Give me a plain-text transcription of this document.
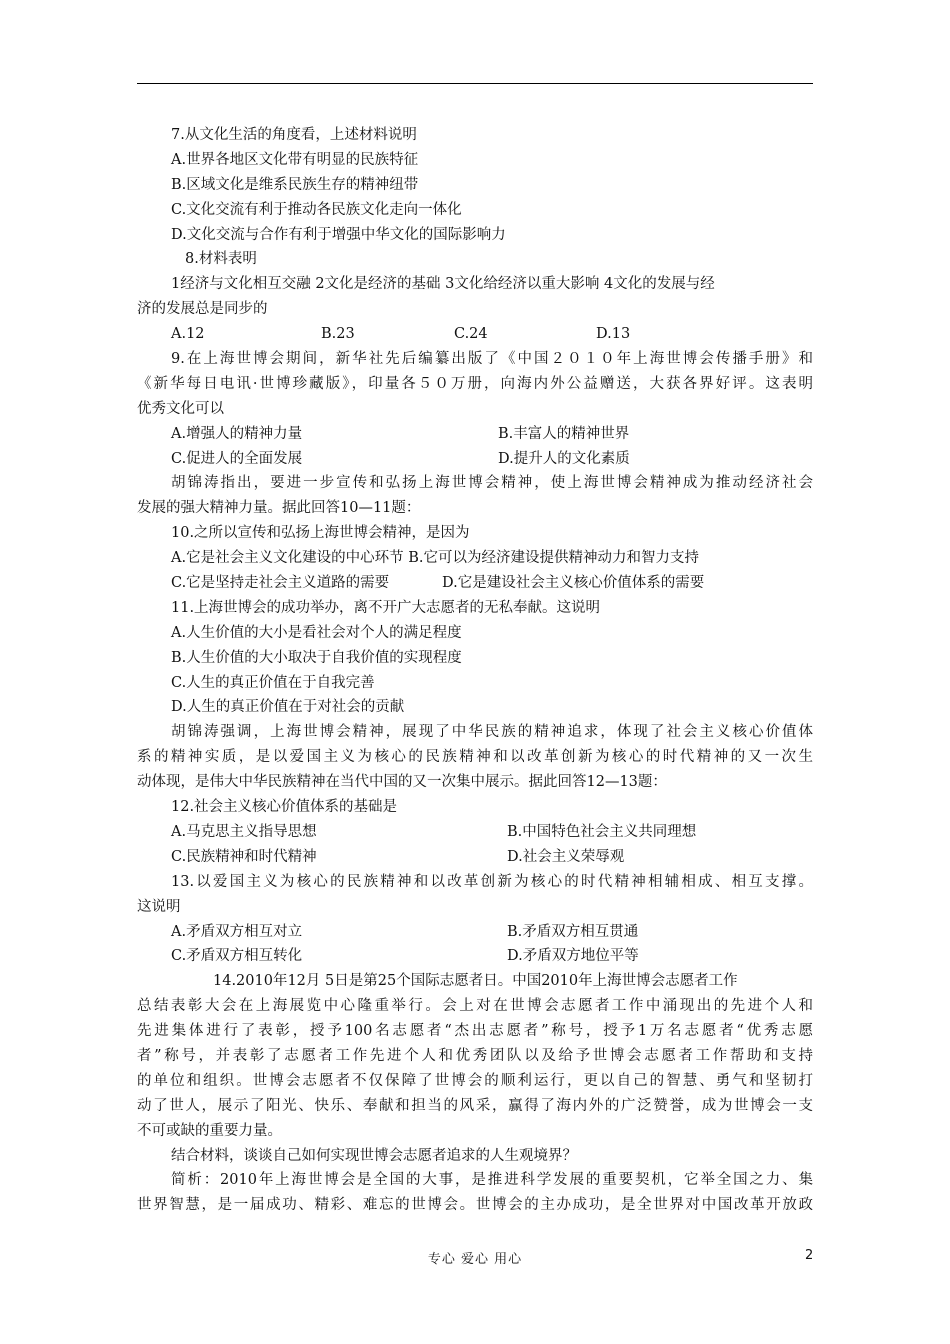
7.从文化生活的角度看，上述材料说明
A.世界各地区文化带有明显的民族特征
B.区域文化是维系民族生存的精神纽带
C.文化交流有利于推动各民族文化走向一体化
D.文化交流与合作有利于增强中华文化的国际影响力
8.材料表明
1经济与文化相互交融 2文化是经济的基础 3文化给经济以重大影响 4文化的发展与经
济的发展总是同步的
A.12	B.23	C.24	D.13
9.在上海世博会期间，新华社先后编纂出版了《中国２０１０年上海世博会传播手册》和
《新华每日电讯·世博珍藏版》，印量各５０万册，向海内外公益赠送，大获各界好评。这表明
优秀文化可以
A.增强人的精神力量	B.丰富人的精神世界
C.促进人的全面发展	D.提升人的文化素质
胡锦涛指出，要进一步宣传和弘扬上海世博会精神，使上海世博会精神成为推动经济社会
发展的强大精神力量。据此回答10—11题：
10.之所以宣传和弘扬上海世博会精神，是因为
A.它是社会主义文化建设的中心环节 B.它可以为经济建设提供精神动力和智力支持
C.它是坚持走社会主义道路的需要	D.它是建设社会主义核心价值体系的需要
11.上海世博会的成功举办，离不开广大志愿者的无私奉献。这说明
A.人生价值的大小是看社会对个人的满足程度
B.人生价值的大小取决于自我价值的实现程度
C.人生的真正价值在于自我完善
D.人生的真正价值在于对社会的贡献
胡锦涛强调，上海世博会精神，展现了中华民族的精神追求，体现了社会主义核心价值体
系的精神实质，是以爱国主义为核心的民族精神和以改革创新为核心的时代精神的又一次生
动体现，是伟大中华民族精神在当代中国的又一次集中展示。据此回答12—13题：
12.社会主义核心价值体系的基础是
A.马克思主义指导思想	B.中国特色社会主义共同理想
C.民族精神和时代精神	D.社会主义荣辱观
13.以爱国主义为核心的民族精神和以改革创新为核心的时代精神相辅相成、相互支撑。
这说明
A.矛盾双方相互对立	B.矛盾双方相互贯通
C.矛盾双方相互转化	D.矛盾双方地位平等
14.2010年12月 5日是第25个国际志愿者日。中国2010年上海世博会志愿者工作
总结表彰大会在上海展览中心隆重举行。会上对在世博会志愿者工作中涌现出的先进个人和
先进集体进行了表彰，授予100名志愿者“杰出志愿者”称号，授予1万名志愿者“优秀志愿
者”称号，并表彰了志愿者工作先进个人和优秀团队以及给予世博会志愿者工作帮助和支持
的单位和组织。世博会志愿者不仅保障了世博会的顺利运行，更以自己的智慧、勇气和坚韧打
动了世人，展示了阳光、快乐、奉献和担当的风采，赢得了海内外的广泛赞誉，成为世博会一支
不可或缺的重要力量。
结合材料，谈谈自己如何实现世博会志愿者追求的人生观境界？
简析：2010年上海世博会是全国的大事，是推进科学发展的重要契机，它举全国之力、集
世界智慧，是一届成功、精彩、难忘的世博会。世博会的主办成功，是全世界对中国改革开放政
专心 爱心 用心	2
